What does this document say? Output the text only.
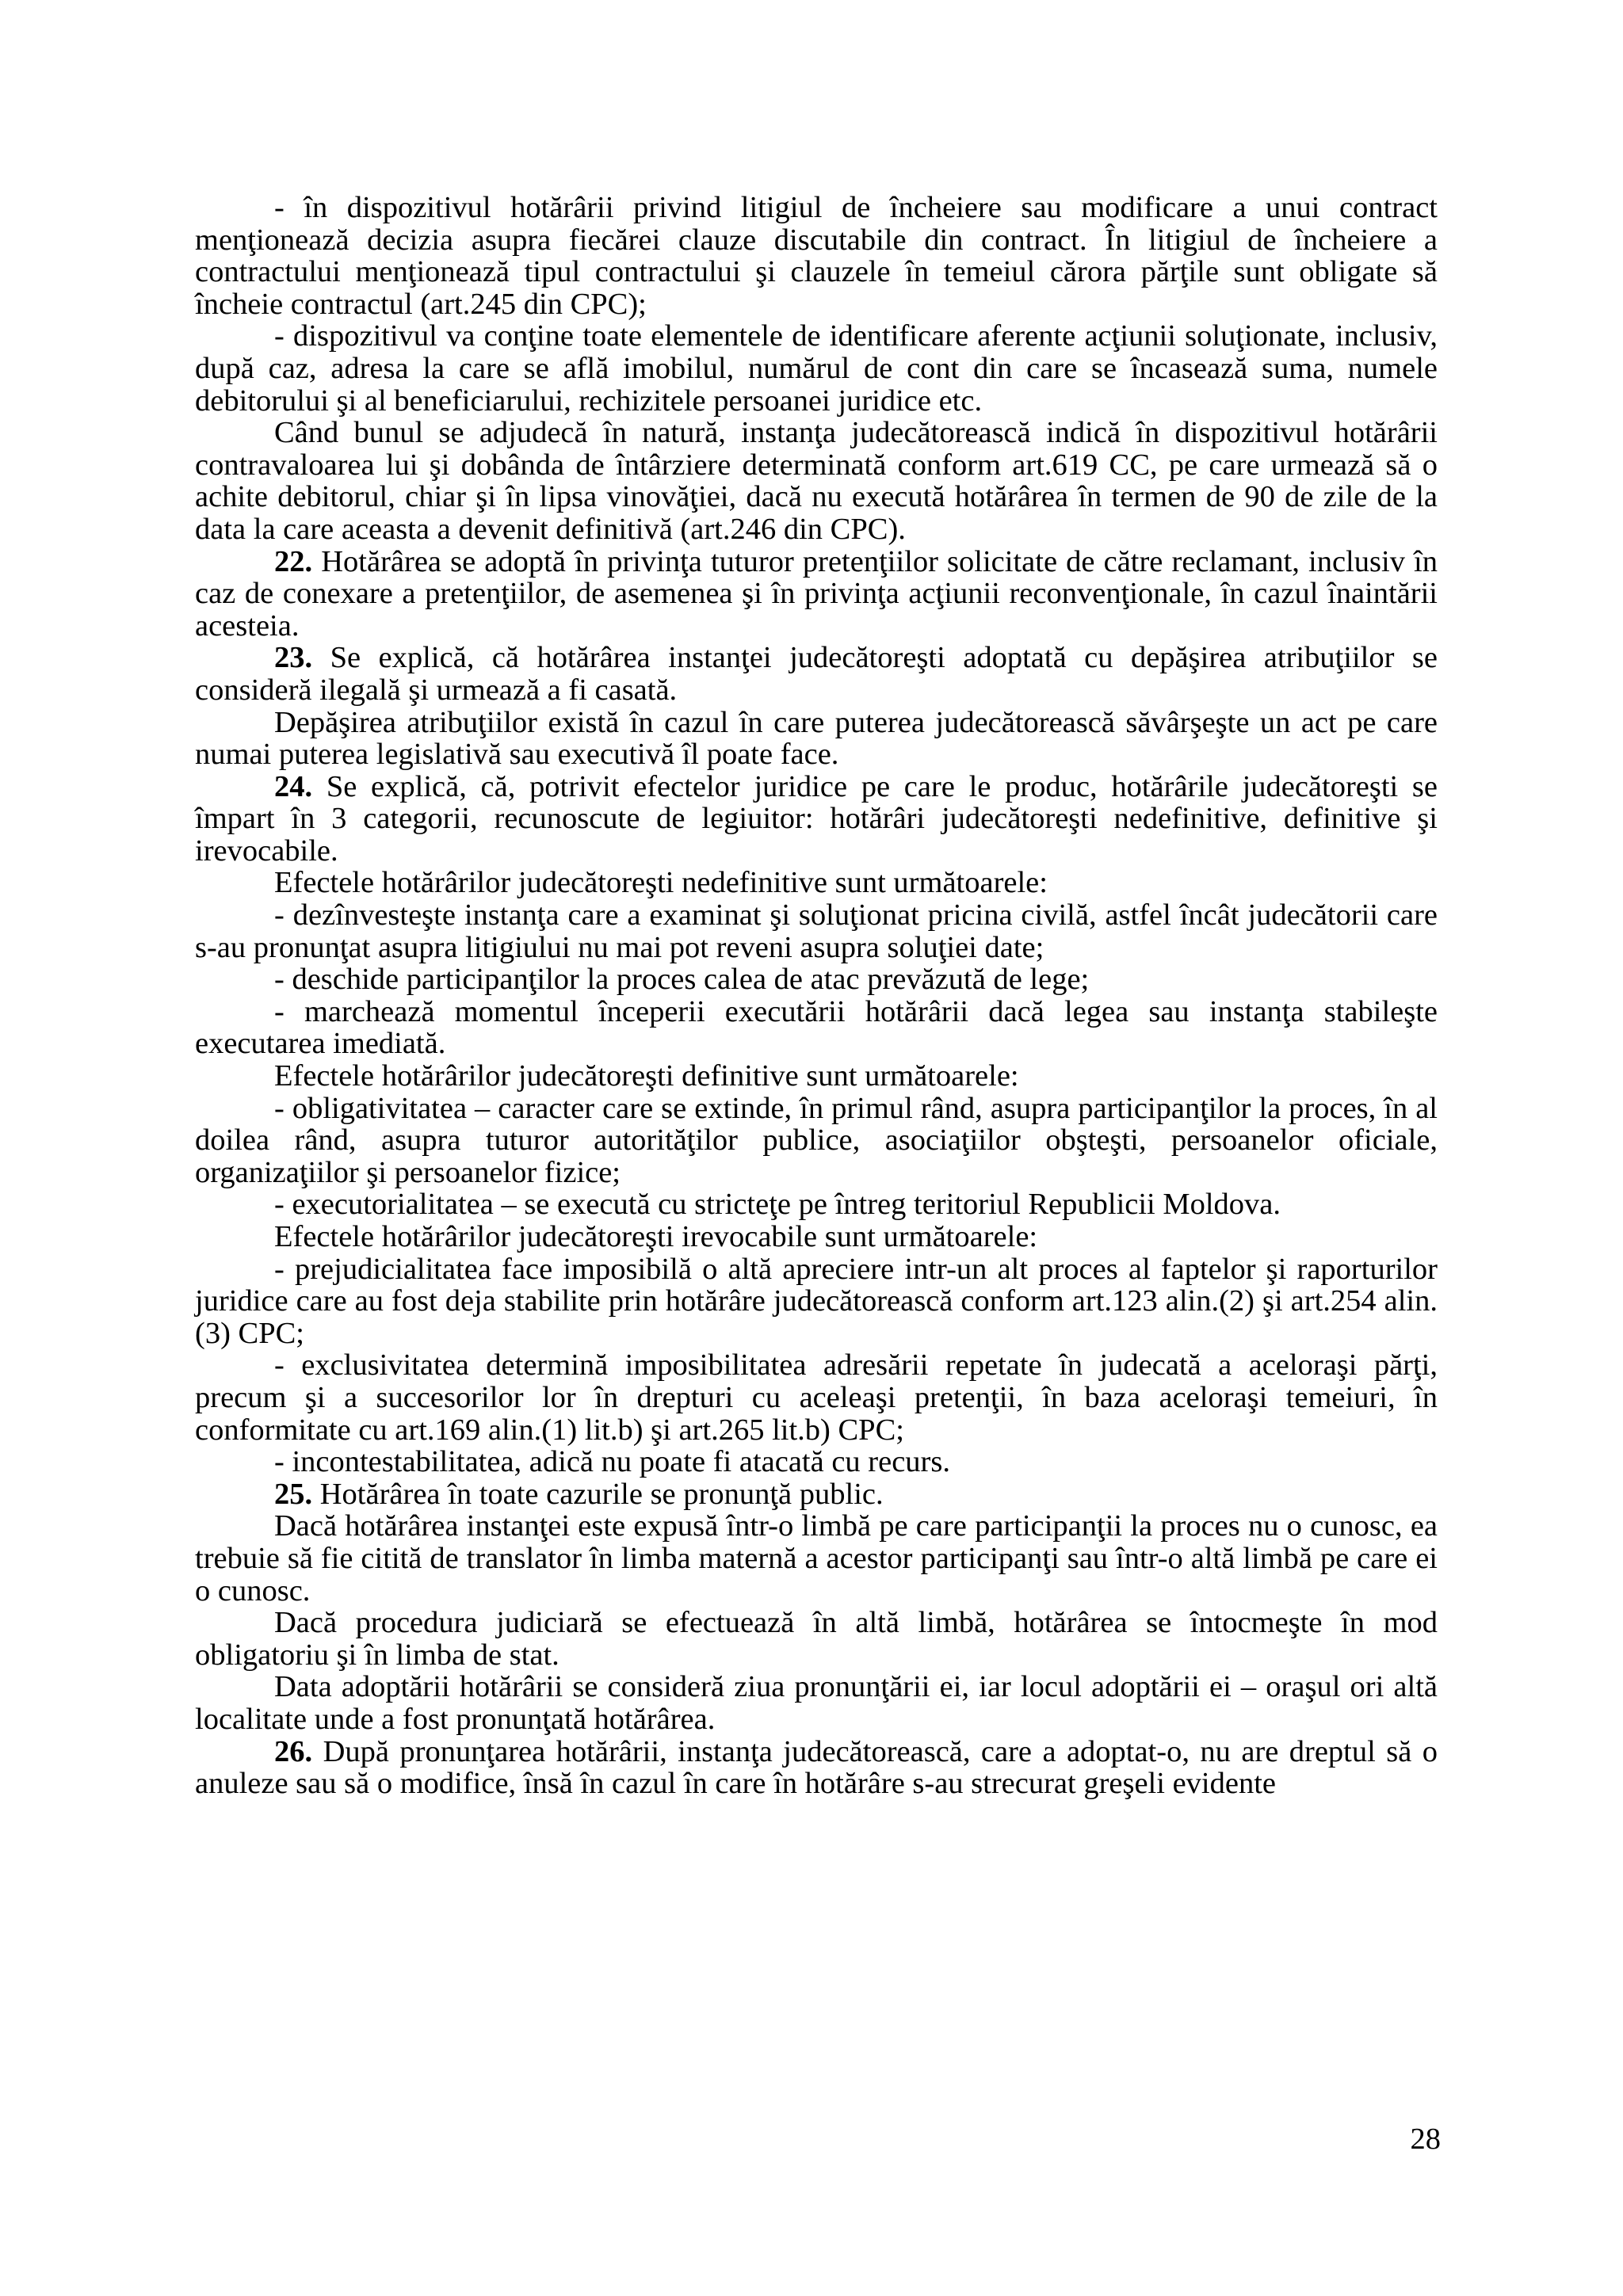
- în dispozitivul hotărârii privind litigiul de încheiere sau modificare a unui contract menţionează decizia asupra fiecărei clauze discutabile din contract. În litigiul de încheiere a contractului menţionează tipul contractului şi clauzele în temeiul cărora părţile sunt obligate să încheie contractul (art.245 din CPC);

- dispozitivul va conţine toate elementele de identificare aferente acţiunii soluţionate, inclusiv, după caz, adresa la care se află imobilul, numărul de cont din care se încasează suma, numele debitorului şi al beneficiarului, rechizitele persoanei juridice etc.

Când bunul se adjudecă în natură, instanţa judecătorească indică în dispozitivul hotărârii contravaloarea lui şi dobânda de întârziere determinată conform art.619 CC, pe care urmează să o achite debitorul, chiar şi în lipsa vinovăţiei, dacă nu execută hotărârea în termen de 90 de zile de la data la care aceasta a devenit definitivă (art.246 din CPC).

22. Hotărârea se adoptă în privinţa tuturor pretenţiilor solicitate de către reclamant, inclusiv în caz de conexare a pretenţiilor, de asemenea şi în privinţa acţiunii reconvenţionale, în cazul înaintării acesteia.

23. Se explică, că hotărârea instanţei judecătoreşti adoptată cu depăşirea atribuţiilor se consideră ilegală şi urmează a fi casată.

Depăşirea atribuţiilor există în cazul în care puterea judecătorească săvârşeşte un act pe care numai puterea legislativă sau executivă îl poate face.

24. Se explică, că, potrivit efectelor juridice pe care le produc, hotărârile judecătoreşti se împart în 3 categorii, recunoscute de legiuitor: hotărâri judecătoreşti nedefinitive, definitive şi irevocabile.

Efectele hotărârilor judecătoreşti nedefinitive sunt următoarele:

- dezînvesteşte instanţa care a examinat şi soluţionat pricina civilă, astfel încât judecătorii care s-au pronunţat asupra litigiului nu mai pot reveni asupra soluţiei date;

- deschide participanţilor la proces calea de atac prevăzută de lege;

- marchează momentul începerii executării hotărârii dacă legea sau instanţa stabileşte executarea imediată.

Efectele hotărârilor judecătoreşti definitive sunt următoarele:

- obligativitatea – caracter care se extinde, în primul rând, asupra participanţilor la proces, în al doilea rând, asupra tuturor autorităţilor publice, asociaţiilor obşteşti, persoanelor oficiale, organizaţiilor şi persoanelor fizice;

- executorialitatea – se execută cu stricteţe pe întreg teritoriul Republicii Moldova.

Efectele hotărârilor judecătoreşti irevocabile sunt următoarele:

- prejudicialitatea face imposibilă o altă apreciere intr-un alt proces al faptelor şi raporturilor juridice care au fost deja stabilite prin hotărâre judecătorească conform art.123 alin.(2) şi art.254 alin.(3) CPC;

- exclusivitatea determină imposibilitatea adresării repetate în judecată a aceloraşi părţi, precum şi a succesorilor lor în drepturi cu aceleaşi pretenţii, în baza aceloraşi temeiuri, în conformitate cu art.169 alin.(1) lit.b) şi art.265 lit.b) CPC;

- incontestabilitatea, adică nu poate fi atacată cu recurs.

25. Hotărârea în toate cazurile se pronunţă public.

Dacă hotărârea instanţei este expusă într-o limbă pe care participanţii la proces nu o cunosc, ea trebuie să fie citită de translator în limba maternă a acestor participanţi sau într-o altă limbă pe care ei o cunosc.

Dacă procedura judiciară se efectuează în altă limbă, hotărârea se întocmeşte în mod obligatoriu şi în limba de stat.

Data adoptării hotărârii se consideră ziua pronunţării ei, iar locul adoptării ei – oraşul ori altă localitate unde a fost pronunţată hotărârea.

26. După pronunţarea hotărârii, instanţa judecătorească, care a adoptat-o, nu are dreptul să o anuleze sau să o modifice, însă în cazul în care în hotărâre s-au strecurat greşeli evidente

28
